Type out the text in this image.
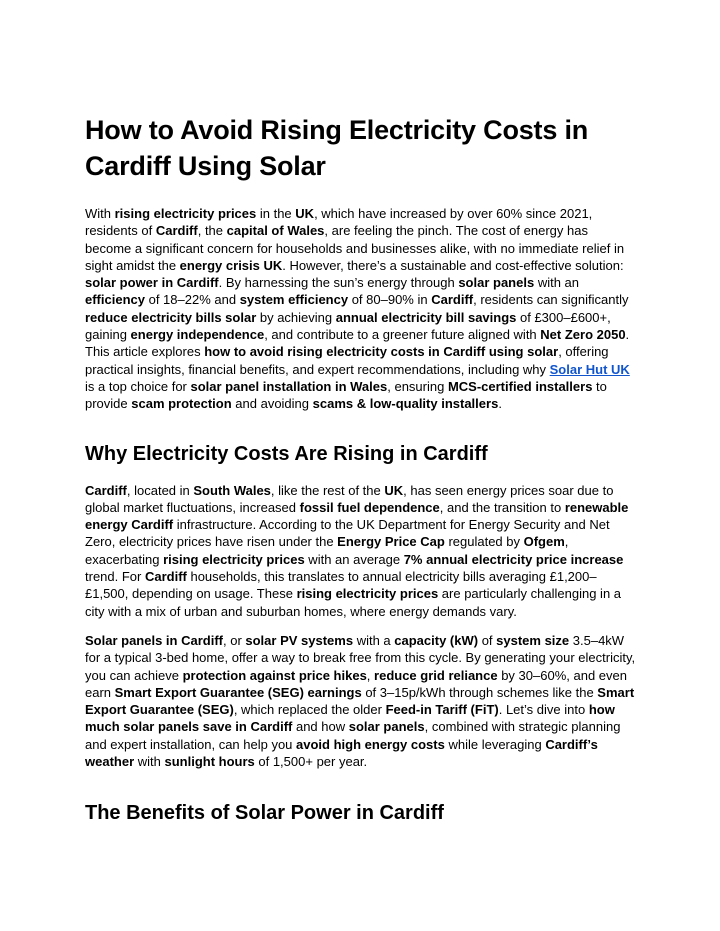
How to Avoid Rising Electricity Costs in Cardiff Using Solar

With rising electricity prices in the UK, which have increased by over 60% since 2021, residents of Cardiff, the capital of Wales, are feeling the pinch. The cost of energy has become a significant concern for households and businesses alike, with no immediate relief in sight amidst the energy crisis UK. However, there’s a sustainable and cost-effective solution: solar power in Cardiff. By harnessing the sun’s energy through solar panels with an efficiency of 18–22% and system efficiency of 80–90% in Cardiff, residents can significantly reduce electricity bills solar by achieving annual electricity bill savings of £300–£600+, gaining energy independence, and contribute to a greener future aligned with Net Zero 2050. This article explores how to avoid rising electricity costs in Cardiff using solar, offering practical insights, financial benefits, and expert recommendations, including why Solar Hut UK is a top choice for solar panel installation in Wales, ensuring MCS-certified installers to provide scam protection and avoiding scams & low-quality installers.

Why Electricity Costs Are Rising in Cardiff

Cardiff, located in South Wales, like the rest of the UK, has seen energy prices soar due to global market fluctuations, increased fossil fuel dependence, and the transition to renewable energy Cardiff infrastructure. According to the UK Department for Energy Security and Net Zero, electricity prices have risen under the Energy Price Cap regulated by Ofgem, exacerbating rising electricity prices with an average 7% annual electricity price increase trend. For Cardiff households, this translates to annual electricity bills averaging £1,200–£1,500, depending on usage. These rising electricity prices are particularly challenging in a city with a mix of urban and suburban homes, where energy demands vary.

Solar panels in Cardiff, or solar PV systems with a capacity (kW) of system size 3.5–4kW for a typical 3-bed home, offer a way to break free from this cycle. By generating your electricity, you can achieve protection against price hikes, reduce grid reliance by 30–60%, and even earn Smart Export Guarantee (SEG) earnings of 3–15p/kWh through schemes like the Smart Export Guarantee (SEG), which replaced the older Feed-in Tariff (FiT). Let’s dive into how much solar panels save in Cardiff and how solar panels, combined with strategic planning and expert installation, can help you avoid high energy costs while leveraging Cardiff’s weather with sunlight hours of 1,500+ per year.

The Benefits of Solar Power in Cardiff
